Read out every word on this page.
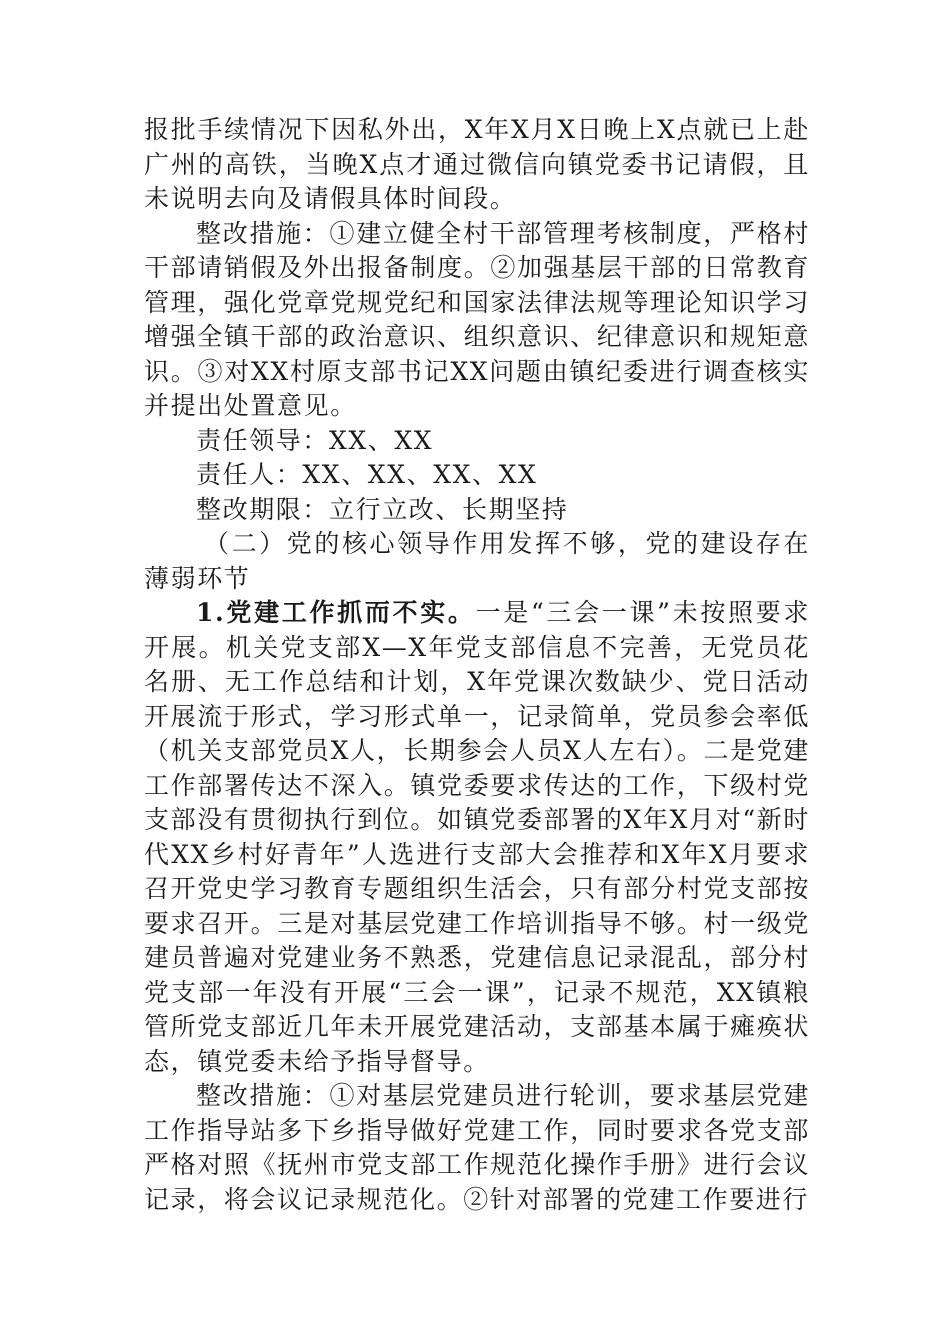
报批手续情况下因私外出，X年X月X日晚上X点就已上赴广州的高铁，当晚X点才通过微信向镇党委书记请假，且未说明去向及请假具体时间段。

整改措施：①建立健全村干部管理考核制度，严格村干部请销假及外出报备制度。②加强基层干部的日常教育管理，强化党章党规党纪和国家法律法规等理论知识学习增强全镇干部的政治意识、组织意识、纪律意识和规矩意识。③对XX村原支部书记XX问题由镇纪委进行调查核实并提出处置意见。

责任领导：XX、XX

责任人：XX、XX、XX、XX

整改期限：立行立改、长期坚持

（二）党的核心领导作用发挥不够，党的建设存在薄弱环节

1.党建工作抓而不实。一是“三会一课”未按照要求开展。机关党支部X—X年党支部信息不完善，无党员花名册、无工作总结和计划，X年党课次数缺少、党日活动开展流于形式，学习形式单一，记录简单，党员参会率低（机关支部党员X人，长期参会人员X人左右）。二是党建工作部署传达不深入。镇党委要求传达的工作，下级村党支部没有贯彻执行到位。如镇党委部署的X年X月对“新时代XX乡村好青年”人选进行支部大会推荐和X年X月要求召开党史学习教育专题组织生活会，只有部分村党支部按要求召开。三是对基层党建工作培训指导不够。村一级党建员普遍对党建业务不熟悉，党建信息记录混乱，部分村党支部一年没有开展“三会一课”，记录不规范，XX镇粮管所党支部近几年未开展党建活动，支部基本属于瘫痪状态，镇党委未给予指导督导。

整改措施：①对基层党建员进行轮训，要求基层党建工作指导站多下乡指导做好党建工作，同时要求各党支部严格对照《抚州市党支部工作规范化操作手册》进行会议记录，将会议记录规范化。②针对部署的党建工作要进行
